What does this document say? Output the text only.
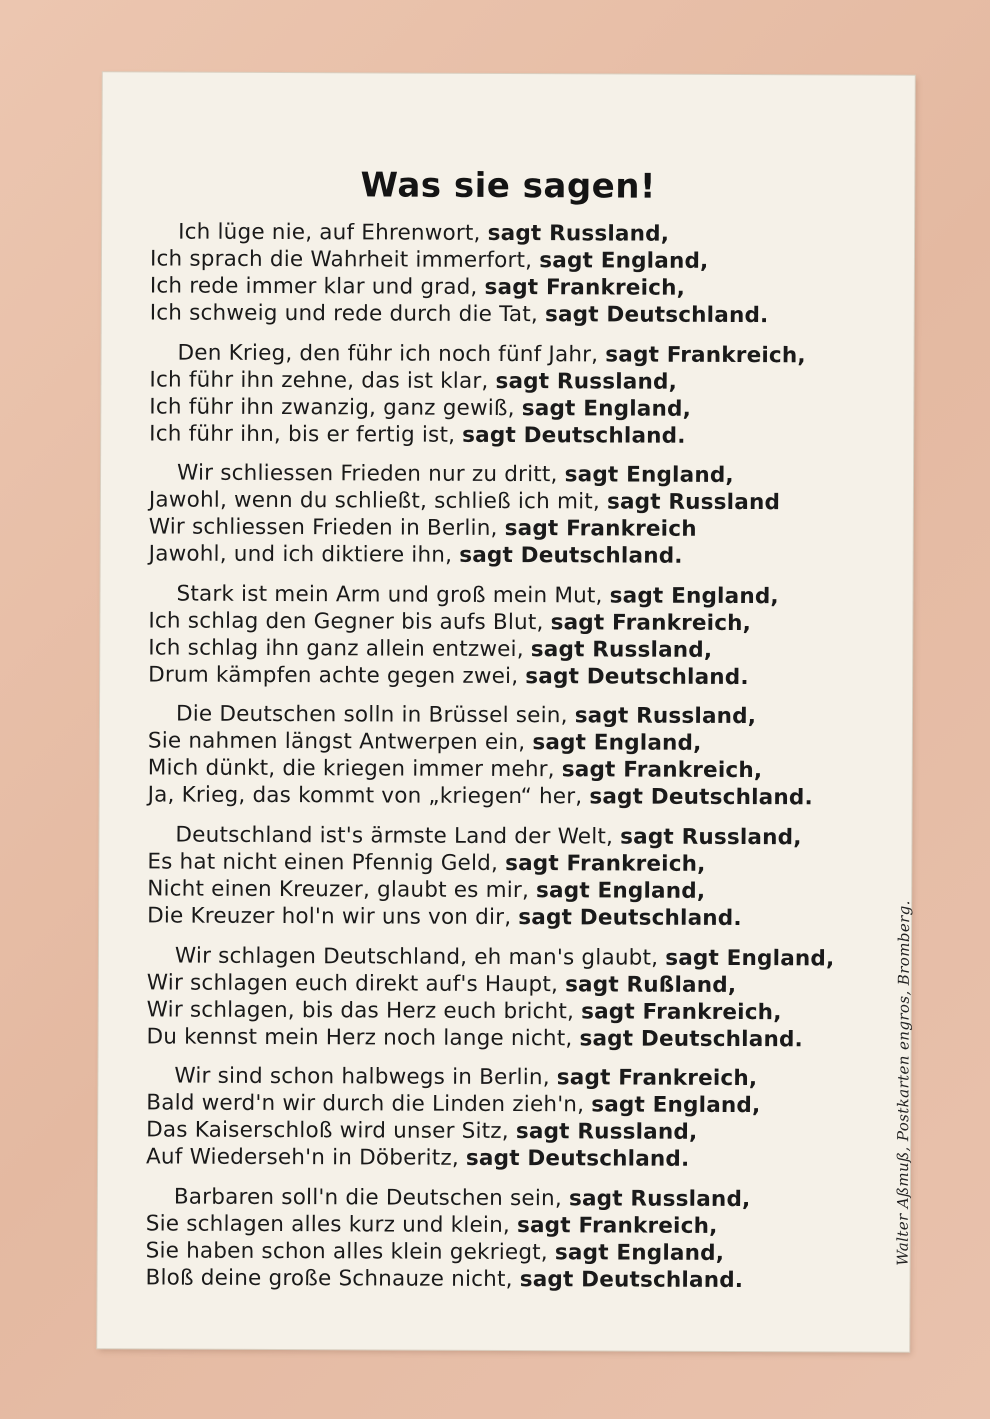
Was sie sagen!
Ich lüge nie, auf Ehrenwort, sagt Russland,
Ich sprach die Wahrheit immerfort, sagt England,
Ich rede immer klar und grad, sagt Frankreich,
Ich schweig und rede durch die Tat, sagt Deutschland.
Den Krieg, den führ ich noch fünf Jahr, sagt Frankreich,
Ich führ ihn zehne, das ist klar, sagt Russland,
Ich führ ihn zwanzig, ganz gewiß, sagt England,
Ich führ ihn, bis er fertig ist, sagt Deutschland.
Wir schliessen Frieden nur zu dritt, sagt England,
Jawohl, wenn du schließt, schließ ich mit, sagt Russland
Wir schliessen Frieden in Berlin, sagt Frankreich
Jawohl, und ich diktiere ihn, sagt Deutschland.
Stark ist mein Arm und groß mein Mut, sagt England,
Ich schlag den Gegner bis aufs Blut, sagt Frankreich,
Ich schlag ihn ganz allein entzwei, sagt Russland,
Drum kämpfen achte gegen zwei, sagt Deutschland.
Die Deutschen solln in Brüssel sein, sagt Russland,
Sie nahmen längst Antwerpen ein, sagt England,
Mich dünkt, die kriegen immer mehr, sagt Frankreich,
Ja, Krieg, das kommt von „kriegen“ her, sagt Deutschland.
Deutschland ist's ärmste Land der Welt, sagt Russland,
Es hat nicht einen Pfennig Geld, sagt Frankreich,
Nicht einen Kreuzer, glaubt es mir, sagt England,
Die Kreuzer hol'n wir uns von dir, sagt Deutschland.
Wir schlagen Deutschland, eh man's glaubt, sagt England,
Wir schlagen euch direkt auf's Haupt, sagt Rußland,
Wir schlagen, bis das Herz euch bricht, sagt Frankreich,
Du kennst mein Herz noch lange nicht, sagt Deutschland.
Wir sind schon halbwegs in Berlin, sagt Frankreich,
Bald werd'n wir durch die Linden zieh'n, sagt England,
Das Kaiserschloß wird unser Sitz, sagt Russland,
Auf Wiederseh'n in Döberitz, sagt Deutschland.
Barbaren soll'n die Deutschen sein, sagt Russland,
Sie schlagen alles kurz und klein, sagt Frankreich,
Sie haben schon alles klein gekriegt, sagt England,
Bloß deine große Schnauze nicht, sagt Deutschland.
Walter Aßmuß, Postkarten engros, Bromberg.
